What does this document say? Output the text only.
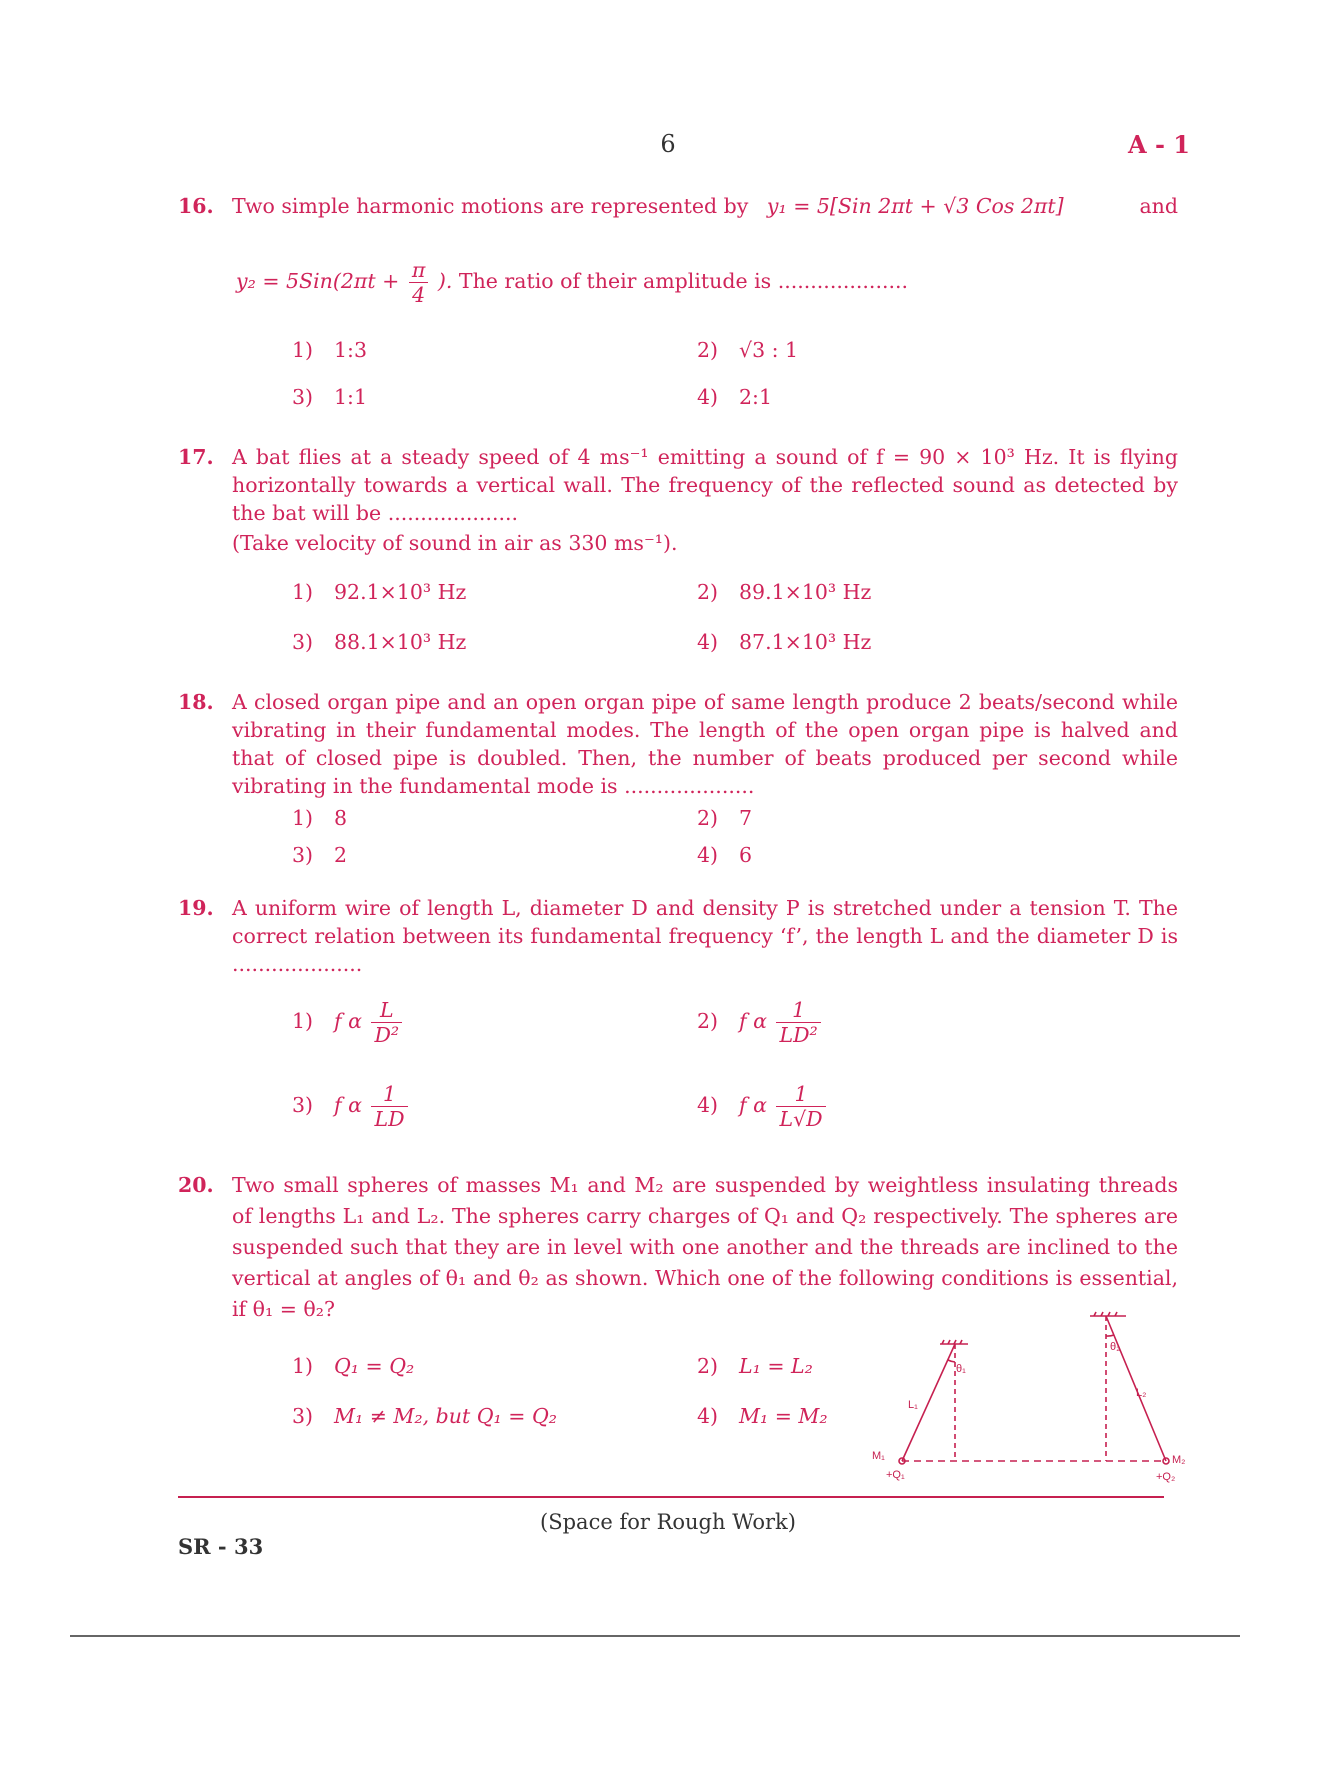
6	A - 1
16. Two simple harmonic motions are represented by y₁ = 5[Sin 2πt + √3 Cos 2πt]	and
$y_2 = 5Sin(2\pi t + \frac{\pi}{4}$ ). The ratio of their amplitude is ....................
1) 1:3	2) √3 : 1
3) 1:1	4) 2:1
17. A bat flies at a steady speed of 4 ms⁻¹ emitting a sound of f = 90 × 10³ Hz. It is flying horizontally towards a vertical wall. The frequency of the reflected sound as detected by the bat will be ....................
(Take velocity of sound in air as 330 ms⁻¹).
1) 92.1×10³ Hz	2) 89.1×10³ Hz
3) 88.1×10³ Hz	4) 87.1×10³ Hz
18. A closed organ pipe and an open organ pipe of same length produce 2 beats/second while vibrating in their fundamental modes. The length of the open organ pipe is halved and that of closed pipe is doubled. Then, the number of beats produced per second while vibrating in the fundamental mode is ....................
1) 8	2) 7
3) 2	4) 6
19. A uniform wire of length L, diameter D and density P is stretched under a tension T. The correct relation between its fundamental frequency ‘f’, the length L and the diameter D is ....................
1) f α $\frac{L}{\text{D²}}$	2) f α $\frac{1}{\text{LD²}}$
3) f α $\frac{1}{LD}$	4) f α $\frac{1}{L√D}$
20. Two small spheres of masses M₁ and M₂ are suspended by weightless insulating threads of lengths L₁ and L₂. The spheres carry charges of Q₁ and Q₂ respectively. The spheres are suspended such that they are in level with one another and the threads are inclined to the vertical at angles of θ₁ and θ₂ as shown. Which one of the following conditions is essential, if θ₁ = θ₂?
1) Q₁ = Q₂	2) L₁ = L₂
3) M₁ ≠ M₂, but Q₁ = Q₂	4) M₁ = M₂	L₁
θ₁
L₂
θ₂
M₁
+Q₁
M₂
+Q₂
(Space for Rough Work)
SR - 33
